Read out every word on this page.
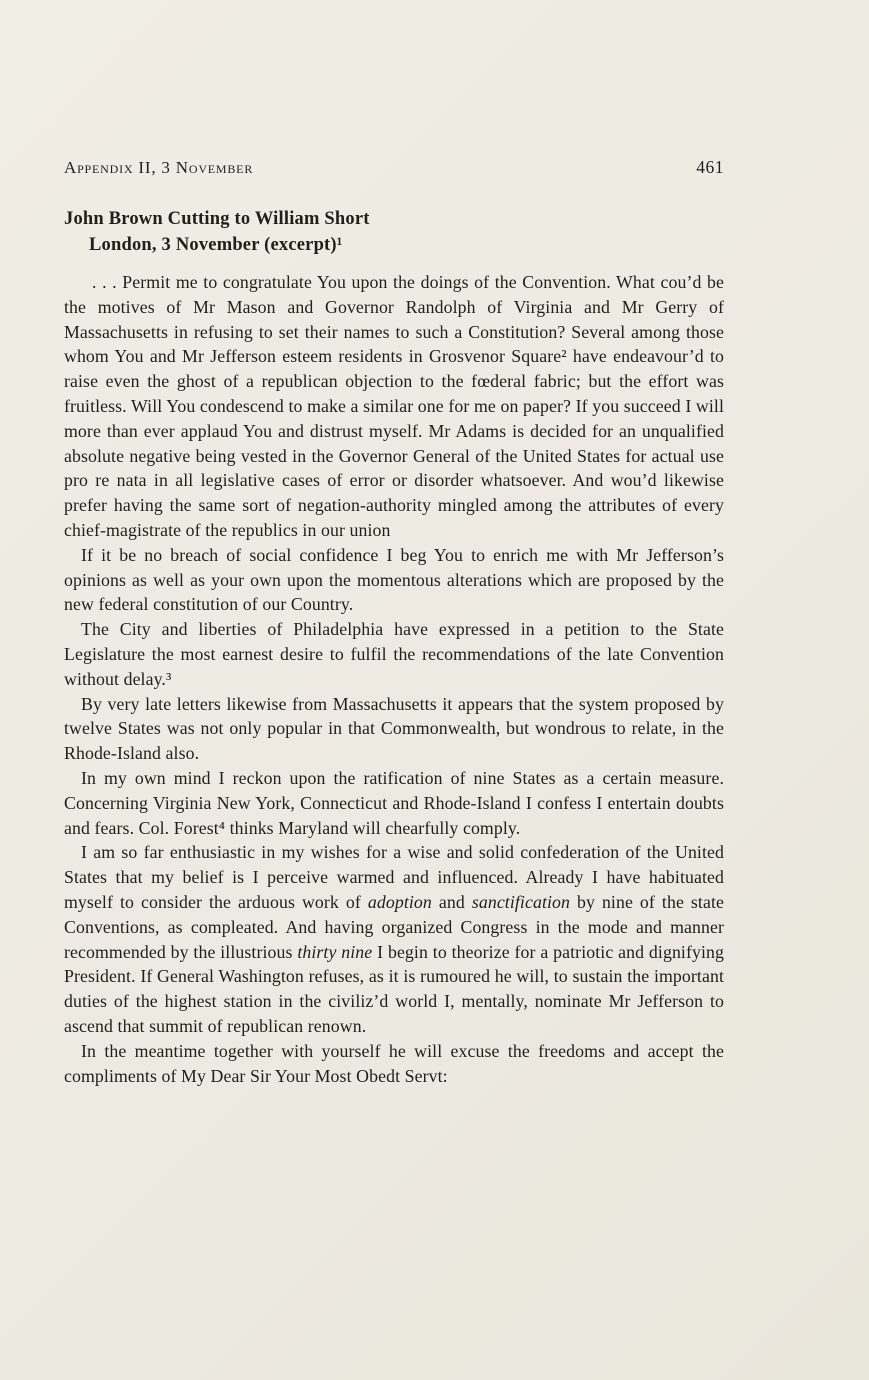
Appendix II, 3 November	461
John Brown Cutting to William Short
London, 3 November (excerpt)¹

. . . Permit me to congratulate You upon the doings of the Convention. What cou’d be the motives of Mr Mason and Governor Randolph of Virginia and Mr Gerry of Massachusetts in refusing to set their names to such a Constitution? Several among those whom You and Mr Jefferson esteem residents in Grosvenor Square² have endeavour’d to raise even the ghost of a republican objection to the fœderal fabric; but the effort was fruitless. Will You condescend to make a similar one for me on paper? If you succeed I will more than ever applaud You and distrust myself. Mr Adams is decided for an unqualified absolute negative being vested in the Governor General of the United States for actual use pro re nata in all legislative cases of error or disorder whatsoever. And wou’d likewise prefer having the same sort of negation-authority mingled among the attributes of every chief-magistrate of the republics in our union

If it be no breach of social confidence I beg You to enrich me with Mr Jefferson’s opinions as well as your own upon the momentous alterations which are proposed by the new federal constitution of our Country.

The City and liberties of Philadelphia have expressed in a petition to the State Legislature the most earnest desire to fulfil the recommendations of the late Convention without delay.³

By very late letters likewise from Massachusetts it appears that the system proposed by twelve States was not only popular in that Commonwealth, but wondrous to relate, in the Rhode-Island also.

In my own mind I reckon upon the ratification of nine States as a certain measure. Concerning Virginia New York, Connecticut and Rhode-Island I confess I entertain doubts and fears. Col. Forest⁴ thinks Maryland will chearfully comply.

I am so far enthusiastic in my wishes for a wise and solid confederation of the United States that my belief is I perceive warmed and influenced. Already I have habituated myself to consider the arduous work of adoption and sanctification by nine of the state Conventions, as compleated. And having organized Congress in the mode and manner recommended by the illustrious thirty nine I begin to theorize for a patriotic and dignifying President. If General Washington refuses, as it is rumoured he will, to sustain the important duties of the highest station in the civiliz’d world I, mentally, nominate Mr Jefferson to ascend that summit of republican renown.

In the meantime together with yourself he will excuse the freedoms and accept the compliments of My Dear Sir Your Most Obedt Servt:
